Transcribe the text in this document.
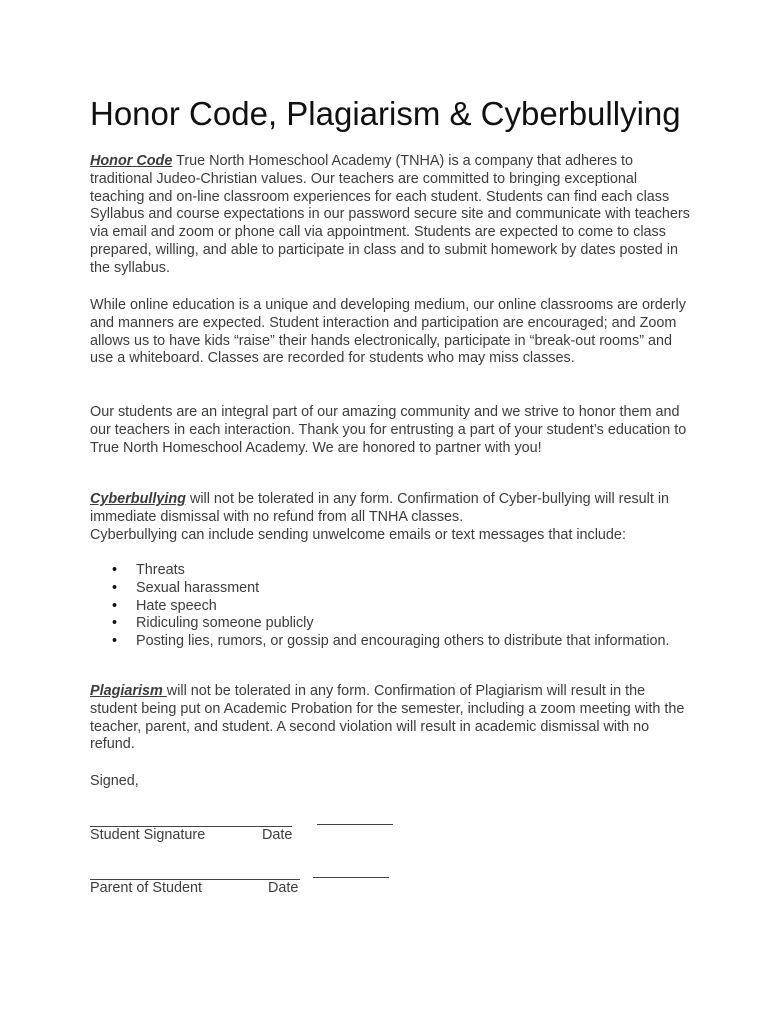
Honor Code, Plagiarism & Cyberbullying

Honor Code True North Homeschool Academy (TNHA) is a company that adheres to traditional Judeo-Christian values. Our teachers are committed to bringing exceptional teaching and on-line classroom experiences for each student. Students can find each class Syllabus and course expectations in our password secure site and communicate with teachers via email and zoom or phone call via appointment. Students are expected to come to class prepared, willing, and able to participate in class and to submit homework by dates posted in the syllabus.

While online education is a unique and developing medium, our online classrooms are orderly and manners are expected. Student interaction and participation are encouraged; and Zoom allows us to have kids “raise” their hands electronically, participate in “break-out rooms” and use a whiteboard. Classes are recorded for students who may miss classes.

Our students are an integral part of our amazing community and we strive to honor them and our teachers in each interaction. Thank you for entrusting a part of your student’s education to True North Homeschool Academy. We are honored to partner with you!

Cyberbullying will not be tolerated in any form. Confirmation of Cyber-bullying will result in immediate dismissal with no refund from all TNHA classes.
Cyberbullying can include sending unwelcome emails or text messages that include:

• Threats
• Sexual harassment
• Hate speech
• Ridiculing someone publicly
• Posting lies, rumors, or gossip and encouraging others to distribute that information.

Plagiarism will not be tolerated in any form. Confirmation of Plagiarism will result in the student being put on Academic Probation for the semester, including a zoom meeting with the teacher, parent, and student. A second violation will result in academic dismissal with no refund.

Signed,
Student Signature	Date
Parent of Student	Date
